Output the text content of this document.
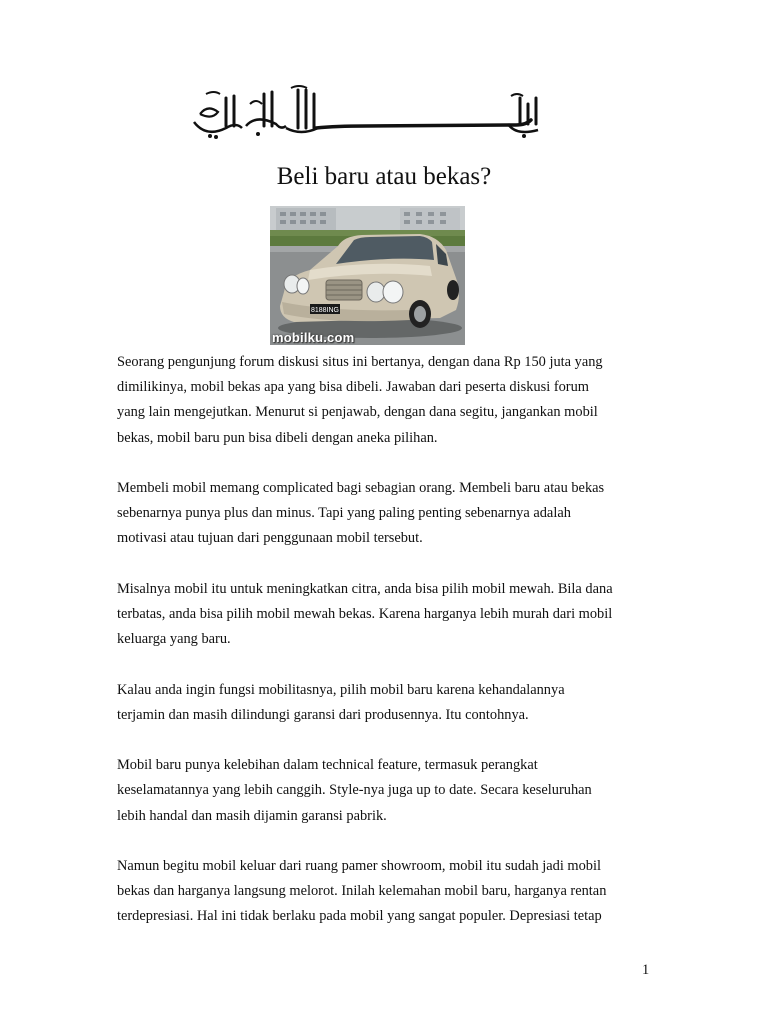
بسم الله الرحمن الرحيم
Beli baru atau bekas?
8188ING
mobilku.com

Seorang pengunjung forum diskusi situs ini bertanya, dengan dana Rp 150 juta yang
dimilikinya, mobil bekas apa yang bisa dibeli. Jawaban dari peserta diskusi forum
yang lain mengejutkan. Menurut si penjawab, dengan dana segitu, jangankan mobil
bekas, mobil baru pun bisa dibeli dengan aneka pilihan.

Membeli mobil memang complicated bagi sebagian orang. Membeli baru atau bekas
sebenarnya punya plus dan minus. Tapi yang paling penting sebenarnya adalah
motivasi atau tujuan dari penggunaan mobil tersebut.

Misalnya mobil itu untuk meningkatkan citra, anda bisa pilih mobil mewah. Bila dana
terbatas, anda bisa pilih mobil mewah bekas. Karena harganya lebih murah dari mobil
keluarga yang baru.

Kalau anda ingin fungsi mobilitasnya, pilih mobil baru karena kehandalannya
terjamin dan masih dilindungi garansi dari produsennya. Itu contohnya.

Mobil baru punya kelebihan dalam technical feature, termasuk perangkat
keselamatannya yang lebih canggih. Style-nya juga up to date. Secara keseluruhan
lebih handal dan masih dijamin garansi pabrik.

Namun begitu mobil keluar dari ruang pamer showroom, mobil itu sudah jadi mobil
bekas dan harganya langsung melorot. Inilah kelemahan mobil baru, harganya rentan
terdepresiasi. Hal ini tidak berlaku pada mobil yang sangat populer. Depresiasi tetap

1
